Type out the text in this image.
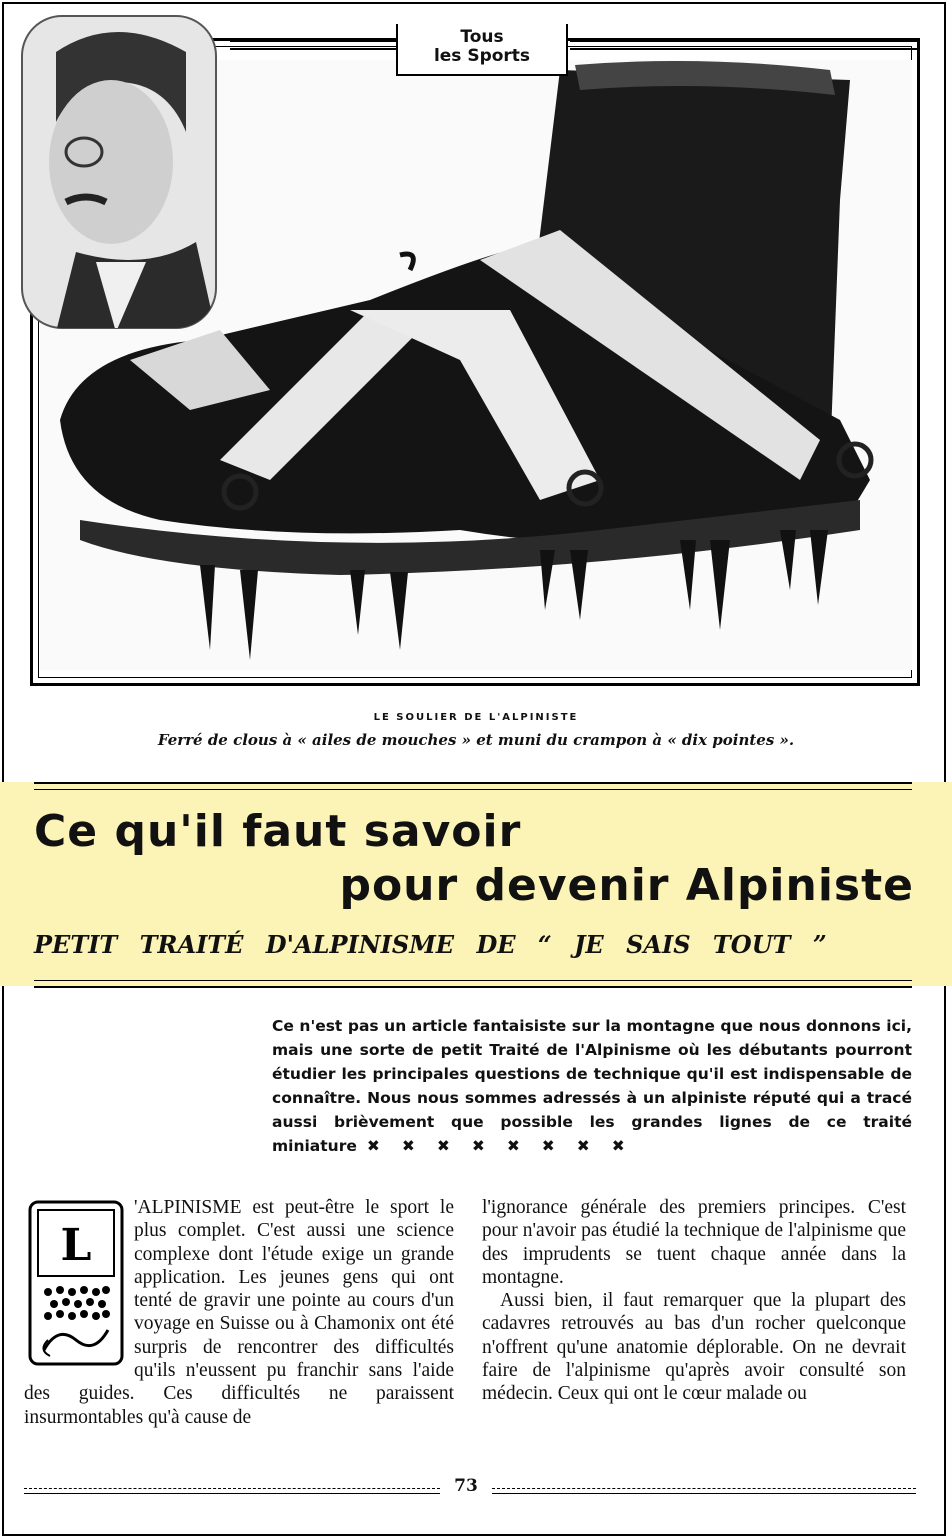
Tous
les Sports
LE SOULIER DE L'ALPINISTE
Ferré de clous à « ailes de mouches » et muni du crampon à « dix pointes ».
Ce qu'il faut savoir
pour devenir Alpiniste
PETIT TRAITÉ D'ALPINISME DE “ JE SAIS TOUT ”
Ce n'est pas un article fantaisiste sur la montagne que nous donnons ici, mais une sorte de petit Traité de l'Alpinisme où les débutants pourront étudier les principales questions de technique qu'il est indispensable de connaître. Nous nous sommes adressés à un alpiniste réputé qui a tracé aussi brièvement que possible les grandes lignes de ce traité miniature ✖✖✖✖✖✖✖✖
L
'ALPINISME est peut-être le sport le plus complet. C'est aussi une science complexe dont l'étude exige un grande application. Les jeunes gens qui ont tenté de gravir une pointe au cours d'un voyage en Suisse ou à Chamonix ont été surpris de rencontrer des difficultés qu'ils n'eussent pu franchir sans l'aide des guides. Ces difficultés ne paraissent insurmontables qu'à cause de
l'ignorance générale des premiers principes. C'est pour n'avoir pas étudié la technique de l'alpinisme que des imprudents se tuent chaque année dans la montagne.
Aussi bien, il faut remarquer que la plupart des cadavres retrouvés au bas d'un rocher quelconque n'offrent qu'une anatomie déplorable. On ne devrait faire de l'alpinisme qu'après avoir consulté son médecin. Ceux qui ont le cœur malade ou
73
